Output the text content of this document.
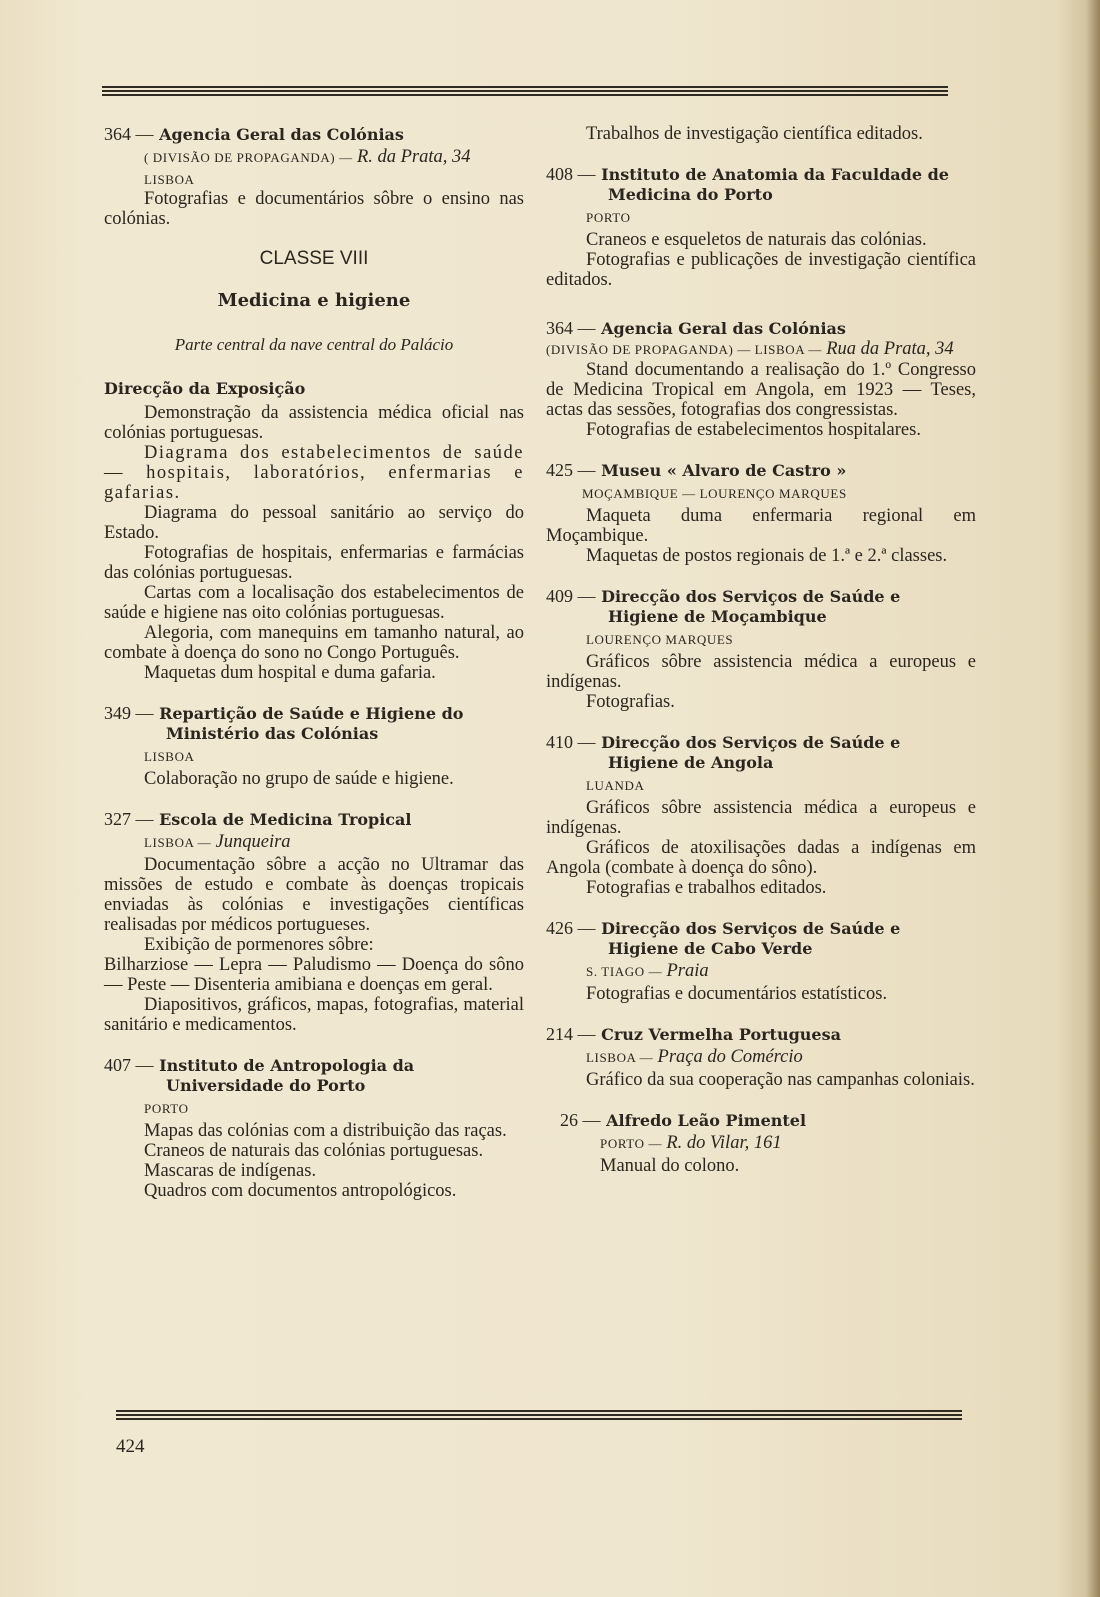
364 — Agencia Geral das Colónias
( DIVISÃO DE PROPAGANDA) — R. da Prata, 34
LISBOA
Fotografias e documentários sôbre o ensino nas colónias.
CLASSE VIII
Medicina e higiene
Parte central da nave central do Palácio
Direcção da Exposição
Demonstração da assistencia médica oficial nas colónias portuguesas.
Diagrama dos estabelecimentos de saúde — hospitais, laboratórios, enfermarias e gafarias.
Diagrama do pessoal sanitário ao serviço do Estado.
Fotografias de hospitais, enfermarias e farmácias das colónias portuguesas.
Cartas com a localisação dos estabelecimentos de saúde e higiene nas oito colónias portuguesas.
Alegoria, com manequins em tamanho natural, ao combate à doença do sono no Congo Português.
Maquetas dum hospital e duma gafaria.
349 — Repartição de Saúde e Higiene do Ministério das Colónias
LISBOA
Colaboração no grupo de saúde e higiene.
327 — Escola de Medicina Tropical
LISBOA — Junqueira
Documentação sôbre a acção no Ultramar das missões de estudo e combate às doenças tropicais enviadas às colónias e investigações científicas realisadas por médicos portugueses.
Exibição de pormenores sôbre:
Bilharziose — Lepra — Paludismo — Doença do sôno — Peste — Disenteria amibiana e doenças em geral.
Diapositivos, gráficos, mapas, fotografias, material sanitário e medicamentos.
407 — Instituto de Antropologia da Universidade do Porto
PORTO
Mapas das colónias com a distribuição das raças.
Craneos de naturais das colónias portuguesas.
Mascaras de indígenas.
Quadros com documentos antropológicos.
Trabalhos de investigação científica editados.
408 — Instituto de Anatomia da Faculdade de Medicina do Porto
PORTO
Craneos e esqueletos de naturais das colónias.
Fotografias e publicações de investigação científica editados.
364 — Agencia Geral das Colónias
(DIVISÃO DE PROPAGANDA) — LISBOA — Rua da Prata, 34
Stand documentando a realisação do 1.º Congresso de Medicina Tropical em Angola, em 1923 — Teses, actas das sessões, fotografias dos congressistas.
Fotografias de estabelecimentos hospitalares.
425 — Museu « Alvaro de Castro »
MOÇAMBIQUE — LOURENÇO MARQUES
Maqueta duma enfermaria regional em Moçambique.
Maquetas de postos regionais de 1.ª e 2.ª classes.
409 — Direcção dos Serviços de Saúde e Higiene de Moçambique
LOURENÇO MARQUES
Gráficos sôbre assistencia médica a europeus e indígenas.
Fotografias.
410 — Direcção dos Serviços de Saúde e Higiene de Angola
LUANDA
Gráficos sôbre assistencia médica a europeus e indígenas.
Gráficos de atoxilisações dadas a indígenas em Angola (combate à doença do sôno).
Fotografias e trabalhos editados.
426 — Direcção dos Serviços de Saúde e Higiene de Cabo Verde
S. TIAGO — Praia
Fotografias e documentários estatísticos.
214 — Cruz Vermelha Portuguesa
LISBOA — Praça do Comércio
Gráfico da sua cooperação nas campanhas coloniais.
26 — Alfredo Leão Pimentel
PORTO — R. do Vilar, 161
Manual do colono.
424
